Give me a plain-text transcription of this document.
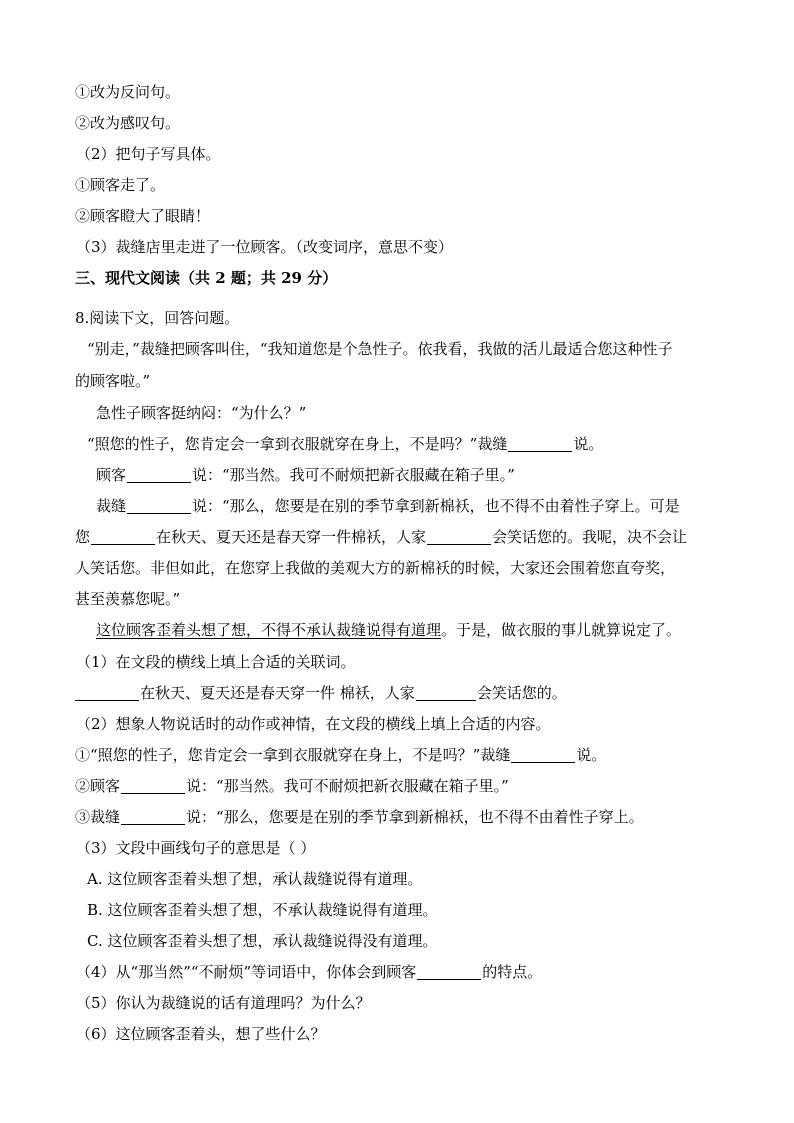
①改为反问句。
②改为感叹句。
（2）把句子写具体。
①顾客走了。
②顾客瞪大了眼睛！
（3）裁缝店里走进了一位顾客。（改变词序，意思不变）
三、现代文阅读（共 2 题；共 29 分）
8.阅读下文，回答问题。
“别走，”裁缝把顾客叫住，“我知道您是个急性子。依我看，我做的活儿最适合您这种性子
的顾客啦。”
急性子顾客挺纳闷：“为什么？”
“照您的性子，您肯定会一拿到衣服就穿在身上，不是吗？”裁缝	说。
顾客	说：“那当然。我可不耐烦把新衣服藏在箱子里。”
裁缝	说：“那么，您要是在别的季节拿到新棉袄，也不得不由着性子穿上。可是
您	在秋天、夏天还是春天穿一件棉袄，人家	会笑话您的。我呢，决不会让
人笑话您。非但如此，在您穿上我做的美观大方的新棉袄的时候，大家还会围着您直夸奖，
甚至羡慕您呢。”
这位顾客歪着头想了想，不得不承认裁缝说得有道理。于是，做衣服的事儿就算说定了。
（1）在文段的横线上填上合适的关联词。
在秋天、夏天还是春天穿一件 棉袄，人家	会笑话您的。
（2）想象人物说话时的动作或神情，在文段的横线上填上合适的内容。
①“照您的性子，您肯定会一拿到衣服就穿在身上，不是吗？”裁缝	说。
②顾客	说：“那当然。我可不耐烦把新衣服藏在箱子里。”
③裁缝	说：“那么，您要是在别的季节拿到新棉袄，也不得不由着性子穿上。
（3）文段中画线句子的意思是（ ）
A. 这位顾客歪着头想了想，承认裁缝说得有道理。
B. 这位顾客歪着头想了想，不承认裁缝说得有道理。
C. 这位顾客歪着头想了想，承认裁缝说得没有道理。
（4）从“那当然”“不耐烦”等词语中，你体会到顾客	的特点。
（5）你认为裁缝说的话有道理吗？为什么？
（6）这位顾客歪着头，想了些什么？
